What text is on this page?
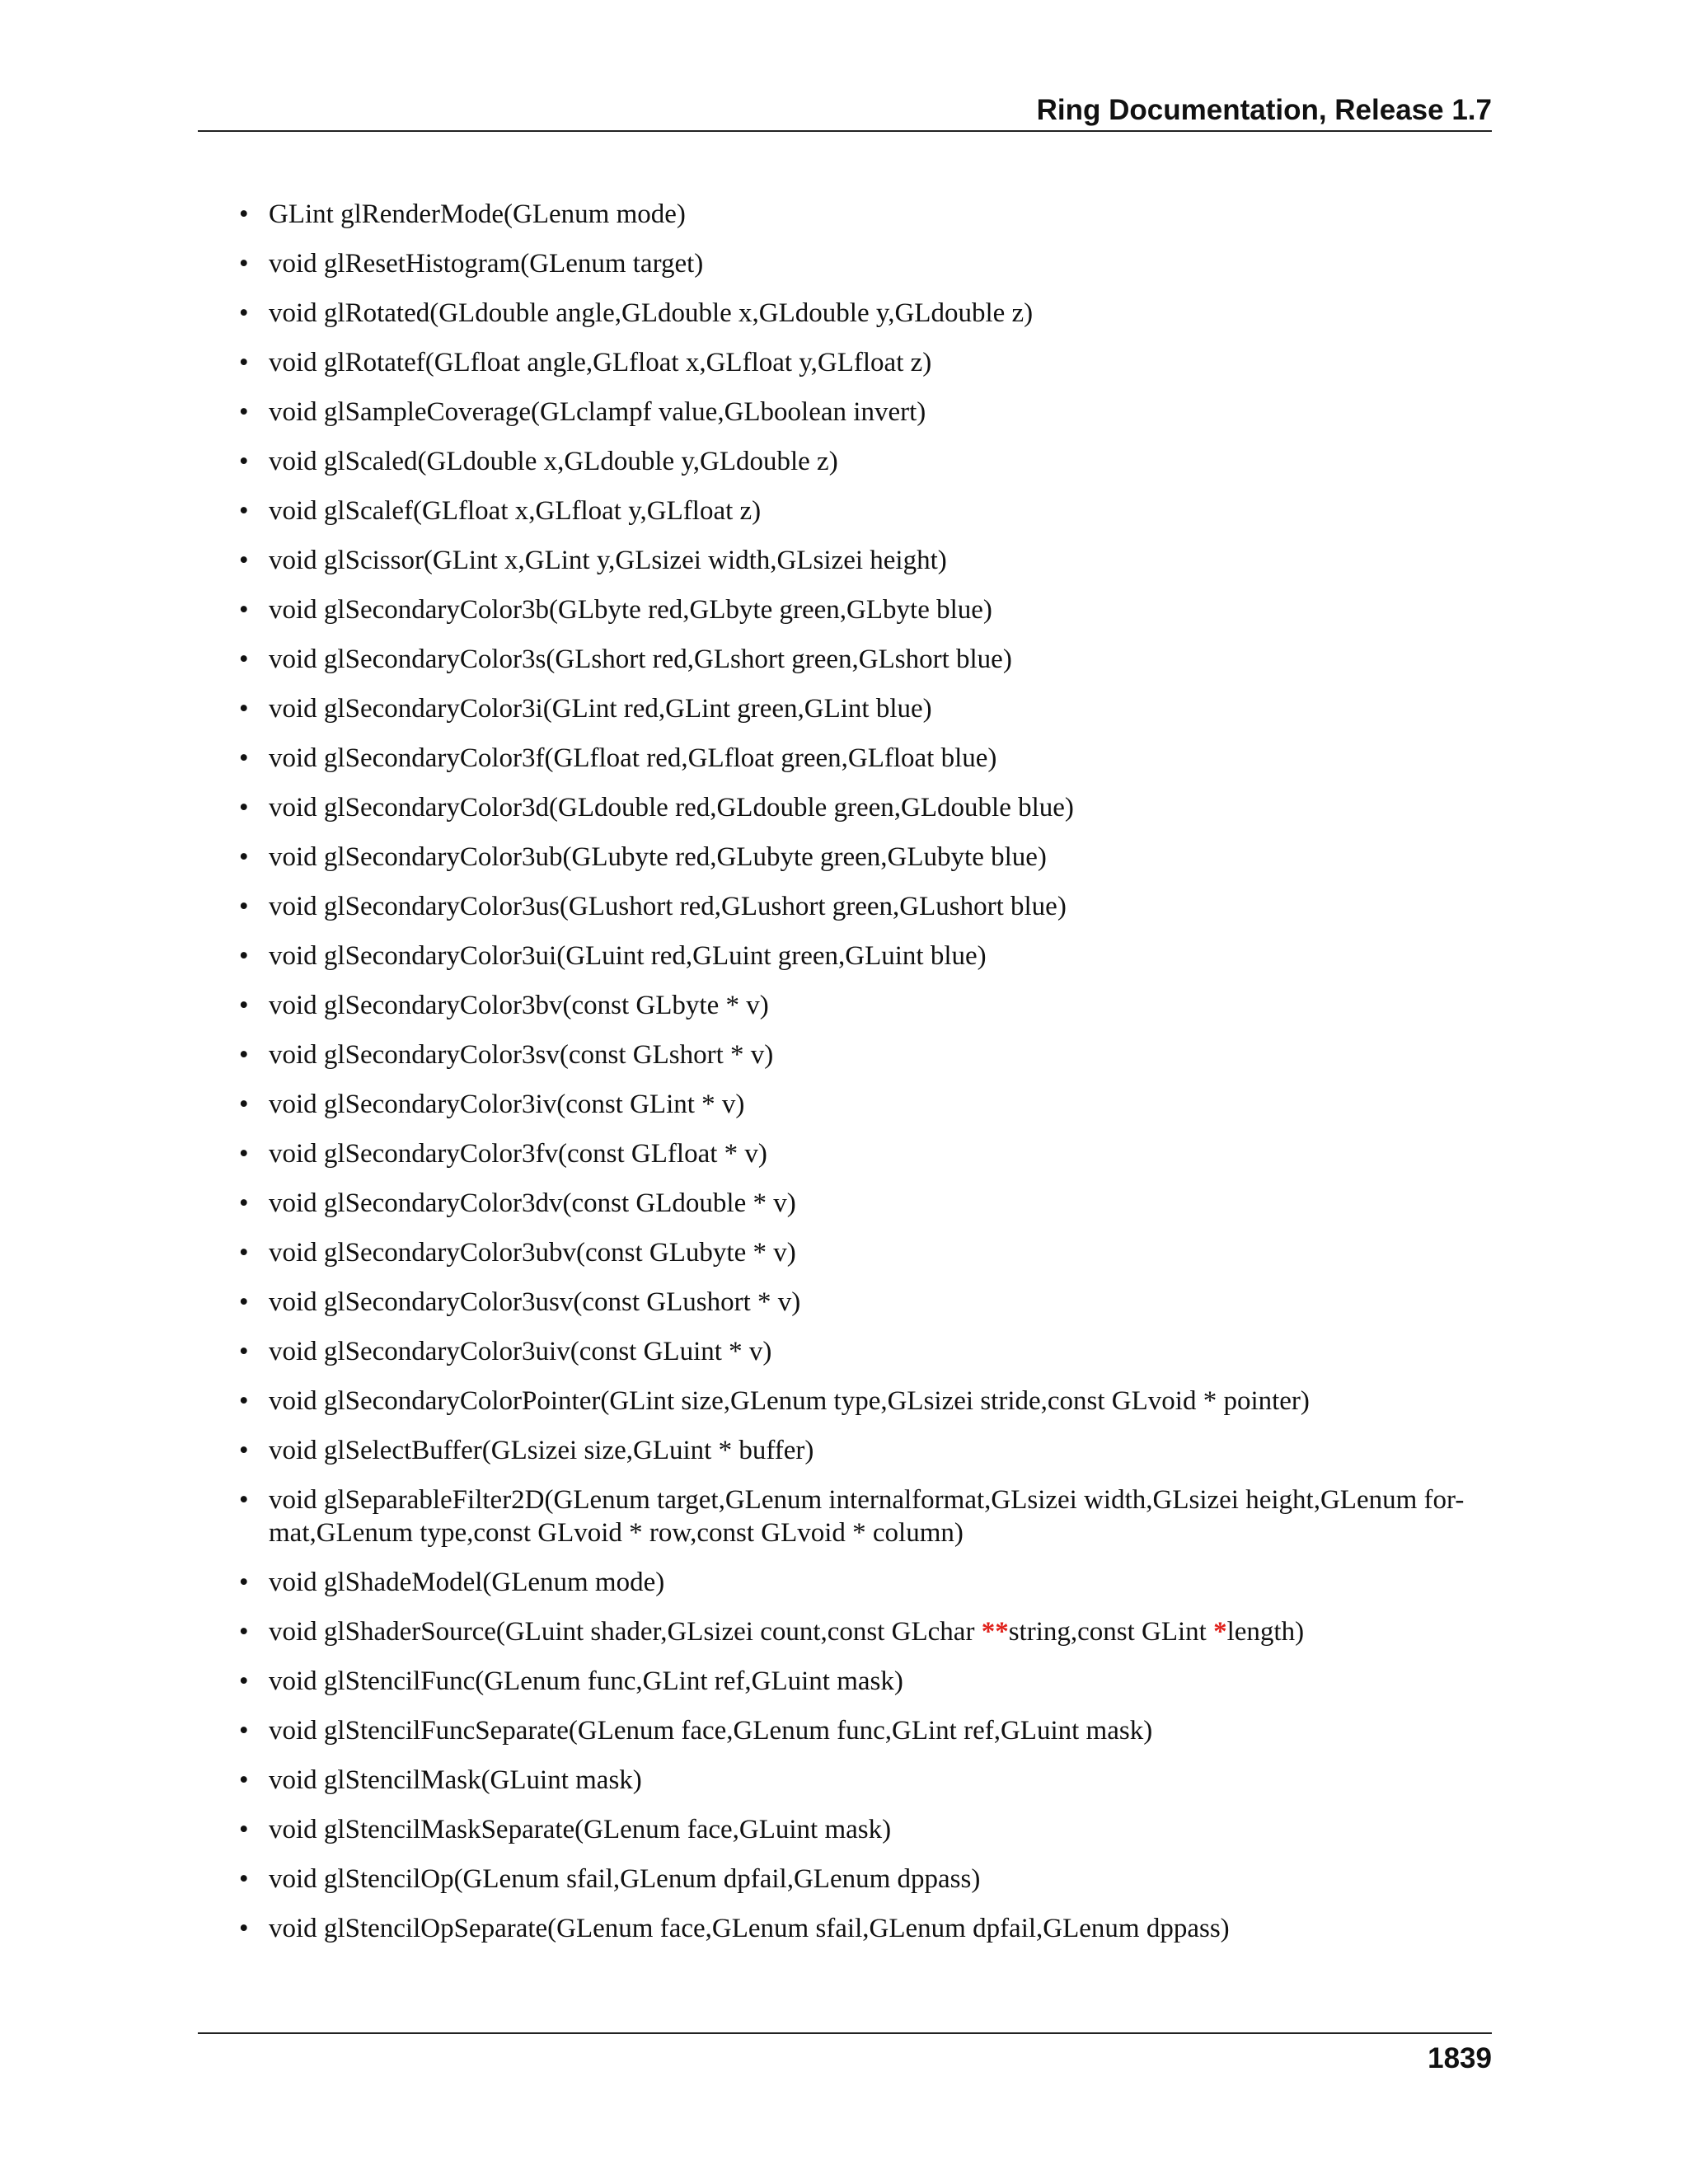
Ring Documentation, Release 1.7
• GLint glRenderMode(GLenum mode)
• void glResetHistogram(GLenum target)
• void glRotated(GLdouble angle,GLdouble x,GLdouble y,GLdouble z)
• void glRotatef(GLfloat angle,GLfloat x,GLfloat y,GLfloat z)
• void glSampleCoverage(GLclampf value,GLboolean invert)
• void glScaled(GLdouble x,GLdouble y,GLdouble z)
• void glScalef(GLfloat x,GLfloat y,GLfloat z)
• void glScissor(GLint x,GLint y,GLsizei width,GLsizei height)
• void glSecondaryColor3b(GLbyte red,GLbyte green,GLbyte blue)
• void glSecondaryColor3s(GLshort red,GLshort green,GLshort blue)
• void glSecondaryColor3i(GLint red,GLint green,GLint blue)
• void glSecondaryColor3f(GLfloat red,GLfloat green,GLfloat blue)
• void glSecondaryColor3d(GLdouble red,GLdouble green,GLdouble blue)
• void glSecondaryColor3ub(GLubyte red,GLubyte green,GLubyte blue)
• void glSecondaryColor3us(GLushort red,GLushort green,GLushort blue)
• void glSecondaryColor3ui(GLuint red,GLuint green,GLuint blue)
• void glSecondaryColor3bv(const GLbyte * v)
• void glSecondaryColor3sv(const GLshort * v)
• void glSecondaryColor3iv(const GLint * v)
• void glSecondaryColor3fv(const GLfloat * v)
• void glSecondaryColor3dv(const GLdouble * v)
• void glSecondaryColor3ubv(const GLubyte * v)
• void glSecondaryColor3usv(const GLushort * v)
• void glSecondaryColor3uiv(const GLuint * v)
• void glSecondaryColorPointer(GLint size,GLenum type,GLsizei stride,const GLvoid * pointer)
• void glSelectBuffer(GLsizei size,GLuint * buffer)
• void glSeparableFilter2D(GLenum target,GLenum internalformat,GLsizei width,GLsizei height,GLenum for-
mat,GLenum type,const GLvoid * row,const GLvoid * column)
• void glShadeModel(GLenum mode)
• void glShaderSource(GLuint shader,GLsizei count,const GLchar **string,const GLint *length)
• void glStencilFunc(GLenum func,GLint ref,GLuint mask)
• void glStencilFuncSeparate(GLenum face,GLenum func,GLint ref,GLuint mask)
• void glStencilMask(GLuint mask)
• void glStencilMaskSeparate(GLenum face,GLuint mask)
• void glStencilOp(GLenum sfail,GLenum dpfail,GLenum dppass)
• void glStencilOpSeparate(GLenum face,GLenum sfail,GLenum dpfail,GLenum dppass)
1839
